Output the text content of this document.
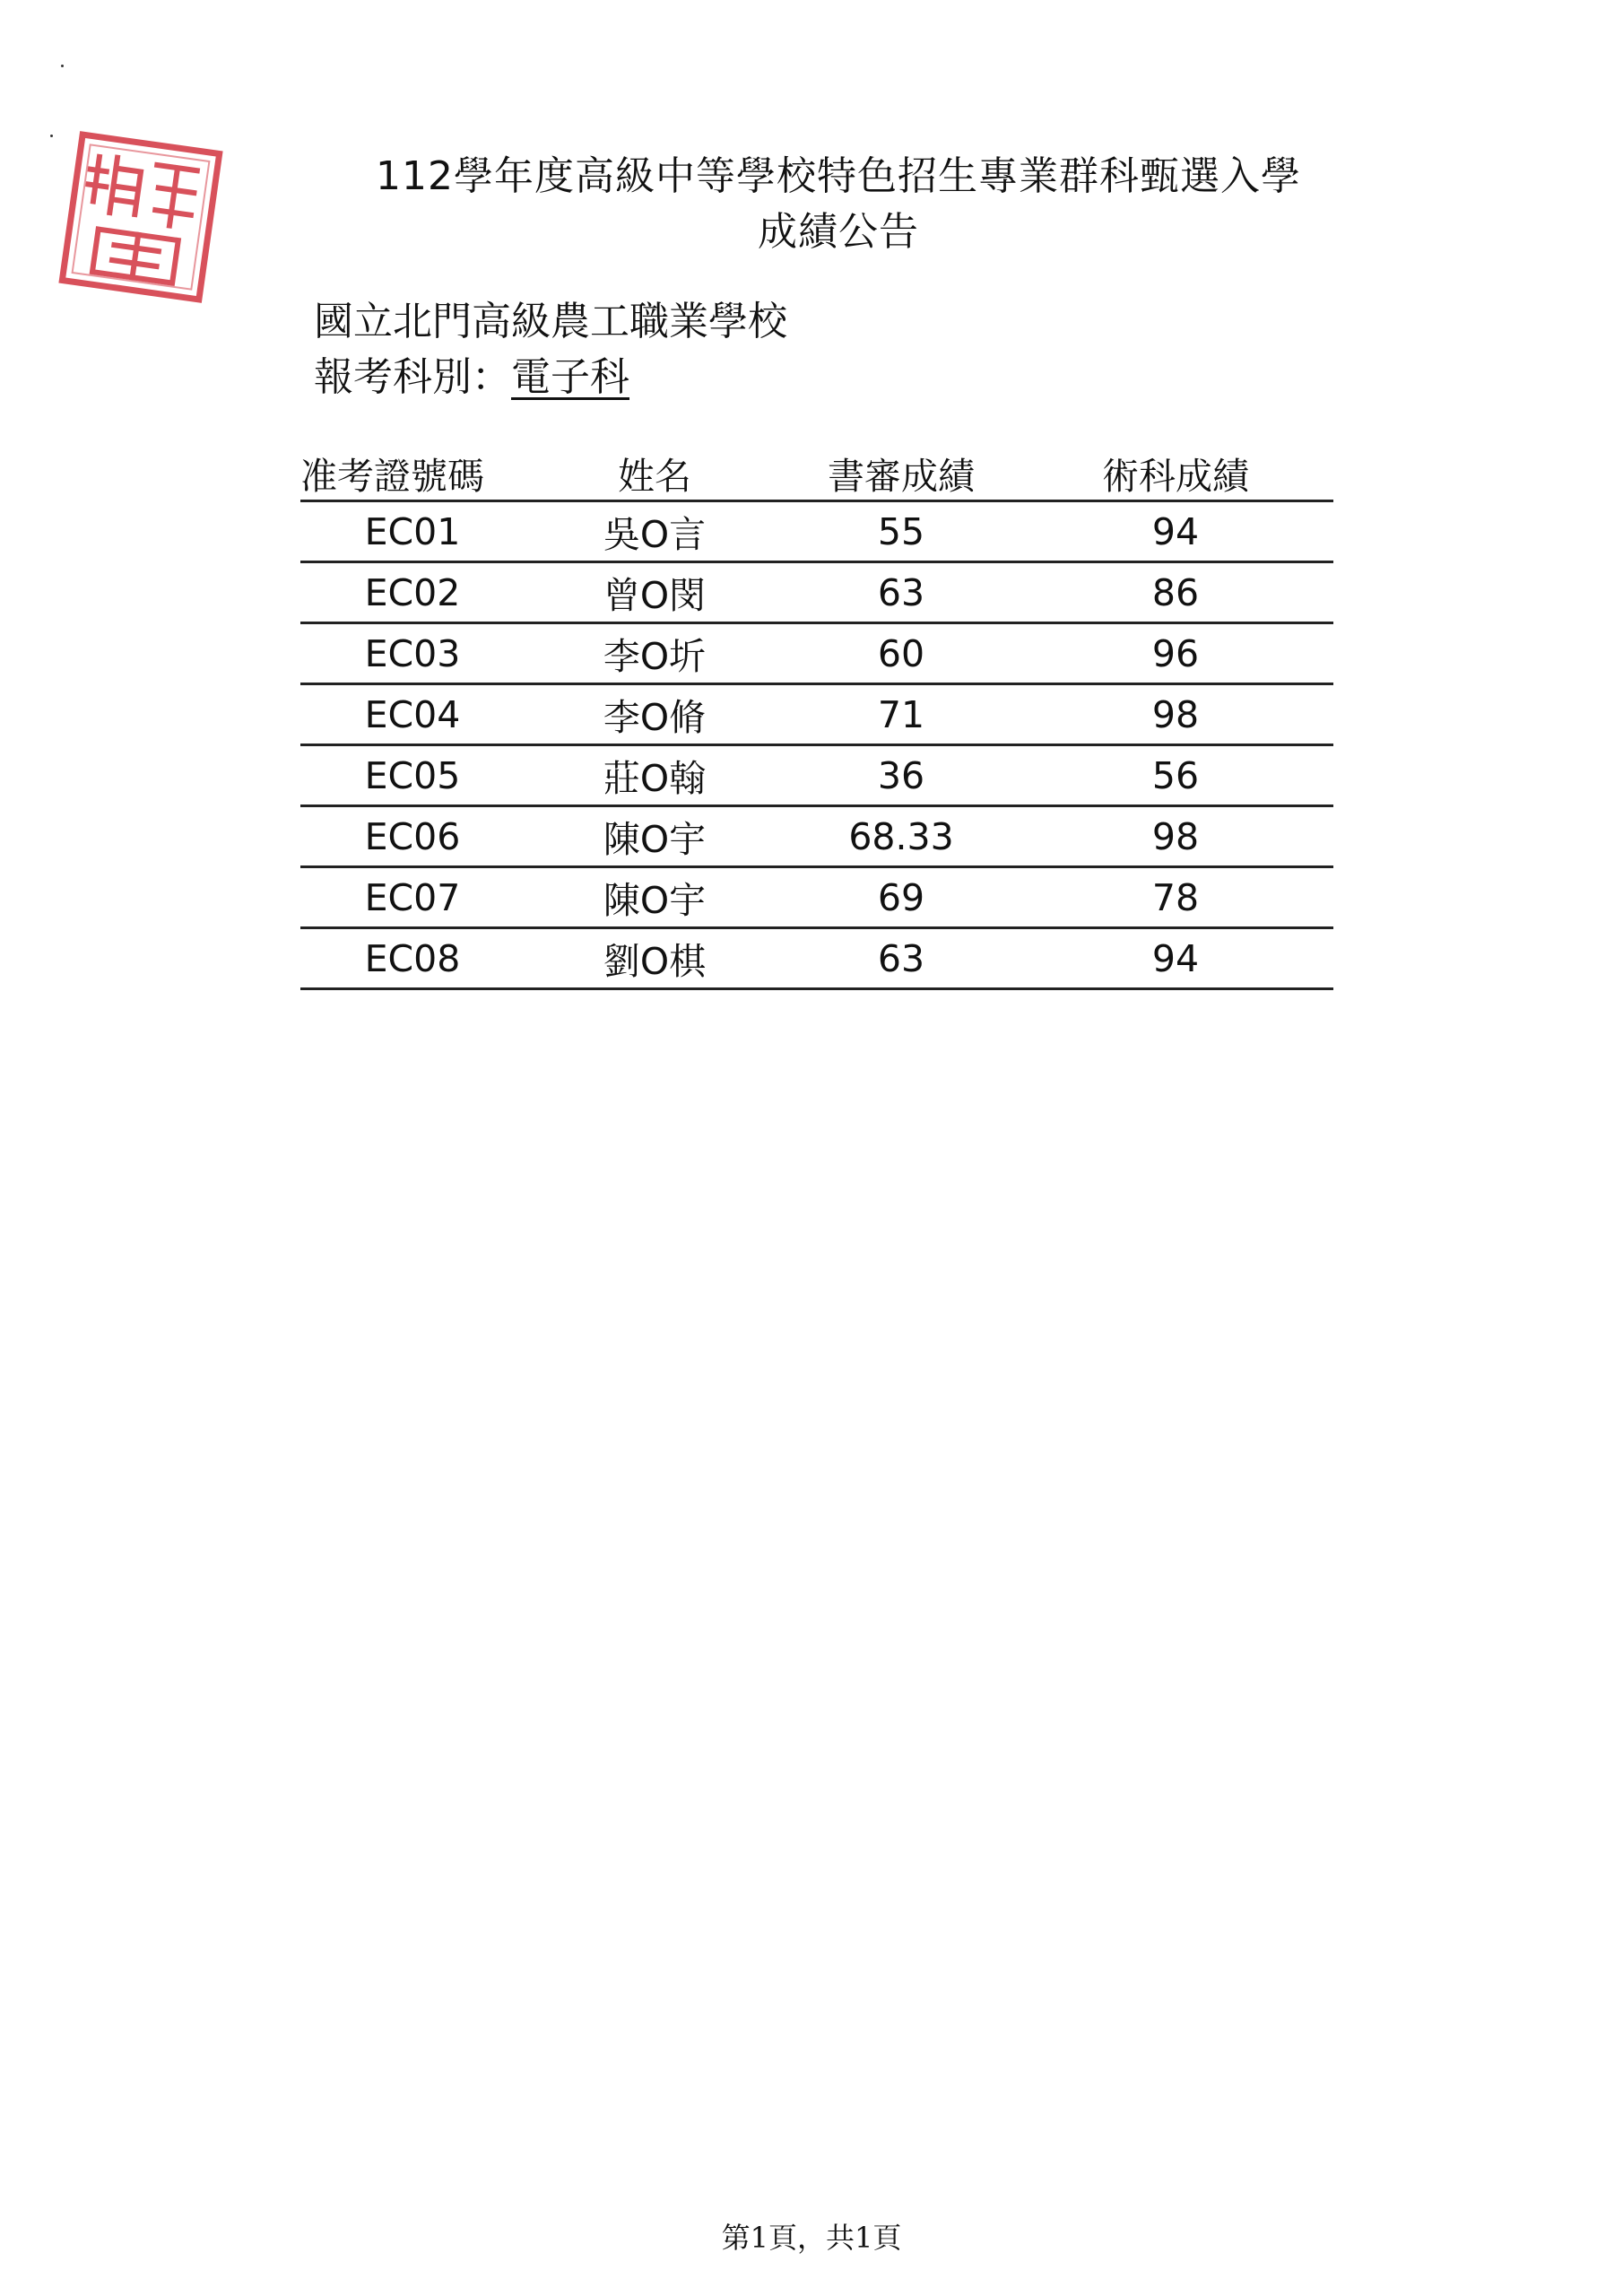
112學年度高級中等學校特色招生專業群科甄選入學
成績公告
國立北門高級農工職業學校
報考科別：電子科
准考證號碼	姓名	書審成績	術科成績
EC01	吳O言	55	94
EC02	曾O閔	63	86
EC03	李O圻	60	96
EC04	李O脩	71	98
EC05	莊O翰	36	56
EC06	陳O宇	68.33	98
EC07	陳O宇	69	78
EC08	劉O棋	63	94
第1頁，共1頁
